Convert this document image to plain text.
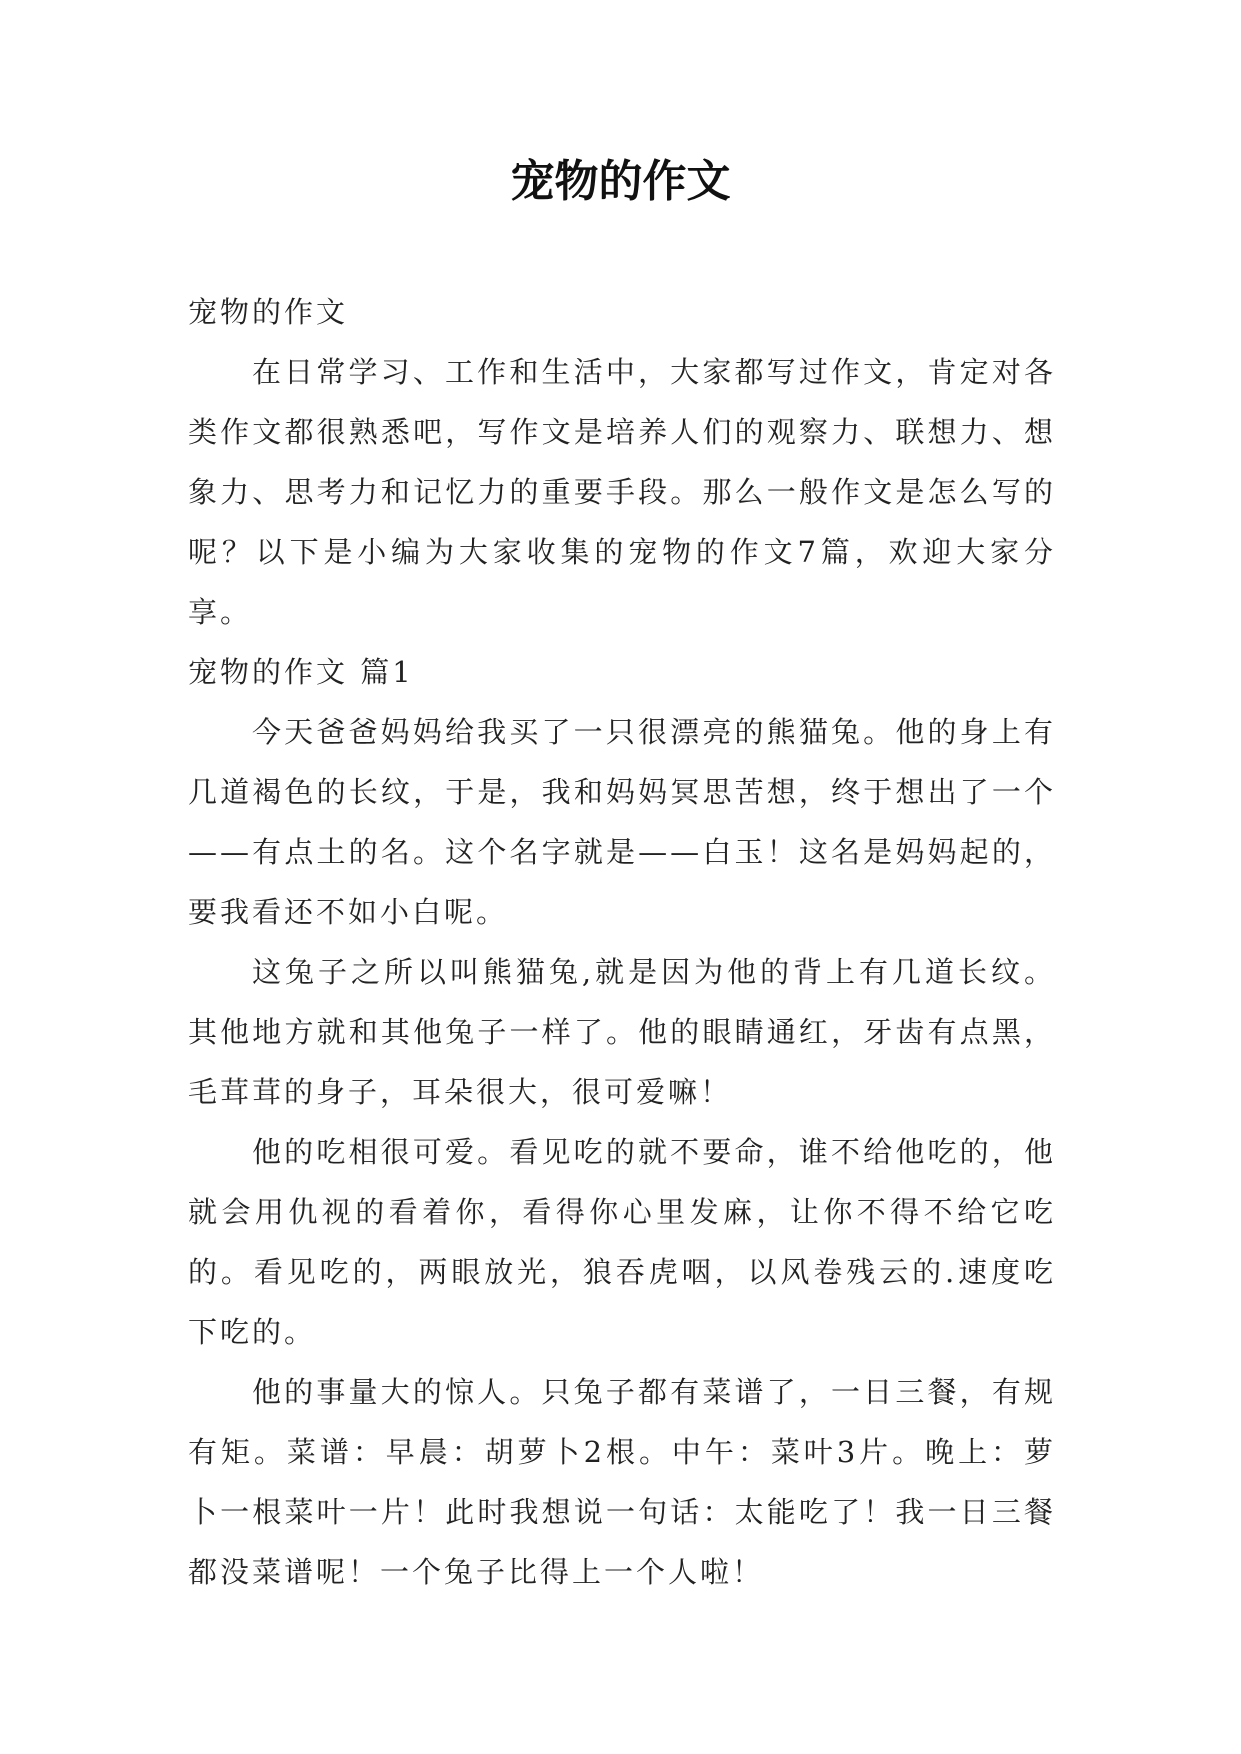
宠物的作文

宠物的作文

在日常学习、工作和生活中，大家都写过作文，肯定对各类作文都很熟悉吧，写作文是培养人们的观察力、联想力、想象力、思考力和记忆力的重要手段。那么一般作文是怎么写的呢？以下是小编为大家收集的宠物的作文7篇，欢迎大家分享。

宠物的作文 篇1

今天爸爸妈妈给我买了一只很漂亮的熊猫兔。他的身上有几道褐色的长纹，于是，我和妈妈冥思苦想，终于想出了一个——有点土的名。这个名字就是——白玉！这名是妈妈起的，要我看还不如小白呢。

这兔子之所以叫熊猫兔,就是因为他的背上有几道长纹。其他地方就和其他兔子一样了。他的眼睛通红，牙齿有点黑，毛茸茸的身子，耳朵很大，很可爱嘛！

他的吃相很可爱。看见吃的就不要命，谁不给他吃的，他就会用仇视的看着你，看得你心里发麻，让你不得不给它吃的。看见吃的，两眼放光，狼吞虎咽，以风卷残云的.速度吃下吃的。

他的事量大的惊人。只兔子都有菜谱了，一日三餐，有规有矩。菜谱：早晨：胡萝卜2根。中午：菜叶3片。晚上：萝卜一根菜叶一片！此时我想说一句话：太能吃了！我一日三餐都没菜谱呢！一个兔子比得上一个人啦！
